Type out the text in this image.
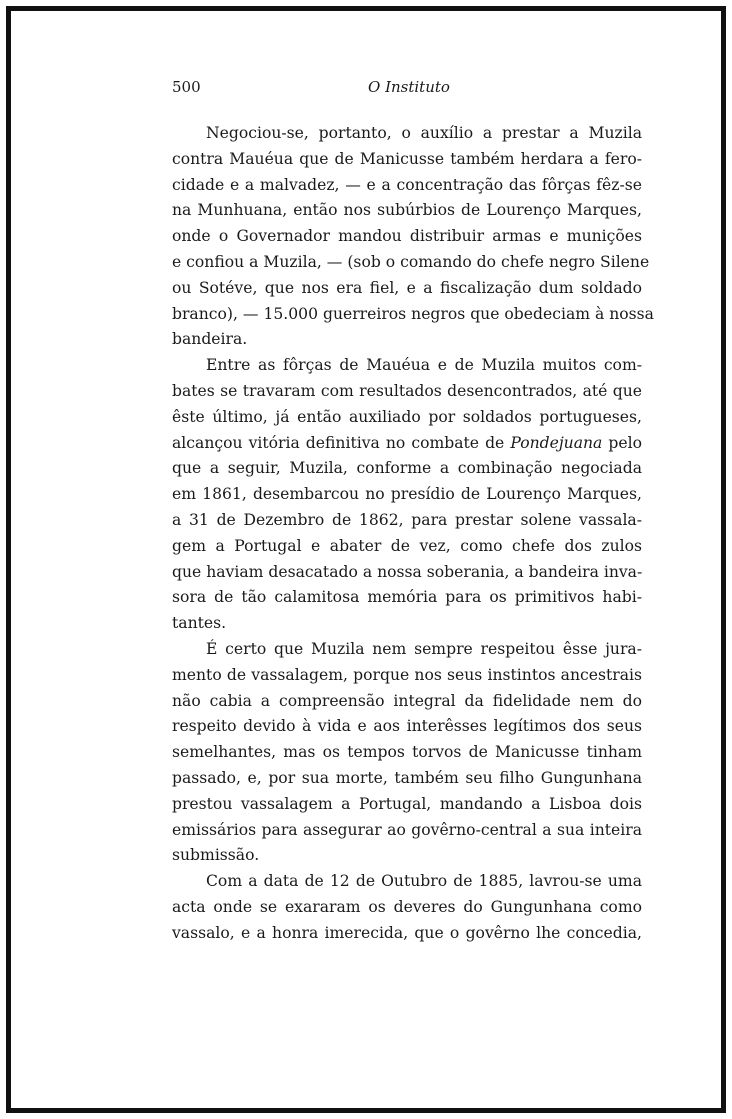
500	O Instituto
Negociou-se, portanto, o auxílio a prestar a Muzila
contra Mauéua que de Manicusse também herdara a fero-
cidade e a malvadez, — e a concentração das fôrças fêz-se
na Munhuana, então nos subúrbios de Lourenço Marques,
onde o Governador mandou distribuir armas e munições
e confiou a Muzila, — (sob o comando do chefe negro Silene
ou Sotéve, que nos era fiel, e a fiscalização dum soldado
branco), — 15.000 guerreiros negros que obedeciam à nossa
bandeira.
Entre as fôrças de Mauéua e de Muzila muitos com-
bates se travaram com resultados desencontrados, até que
êste último, já então auxiliado por soldados portugueses,
alcançou vitória definitiva no combate de Pondejuana pelo
que a seguir, Muzila, conforme a combinação negociada
em 1861, desembarcou no presídio de Lourenço Marques,
a 31 de Dezembro de 1862, para prestar solene vassala-
gem a Portugal e abater de vez, como chefe dos zulos
que haviam desacatado a nossa soberania, a bandeira inva-
sora de tão calamitosa memória para os primitivos habi-
tantes.
É certo que Muzila nem sempre respeitou êsse jura-
mento de vassalagem, porque nos seus instintos ancestrais
não cabia a compreensão integral da fidelidade nem do
respeito devido à vida e aos interêsses legítimos dos seus
semelhantes, mas os tempos torvos de Manicusse tinham
passado, e, por sua morte, também seu filho Gungunhana
prestou vassalagem a Portugal, mandando a Lisboa dois
emissários para assegurar ao govêrno-central a sua inteira
submissão.
Com a data de 12 de Outubro de 1885, lavrou-se uma
acta onde se exararam os deveres do Gungunhana como
vassalo, e a honra imerecida, que o govêrno lhe concedia,
